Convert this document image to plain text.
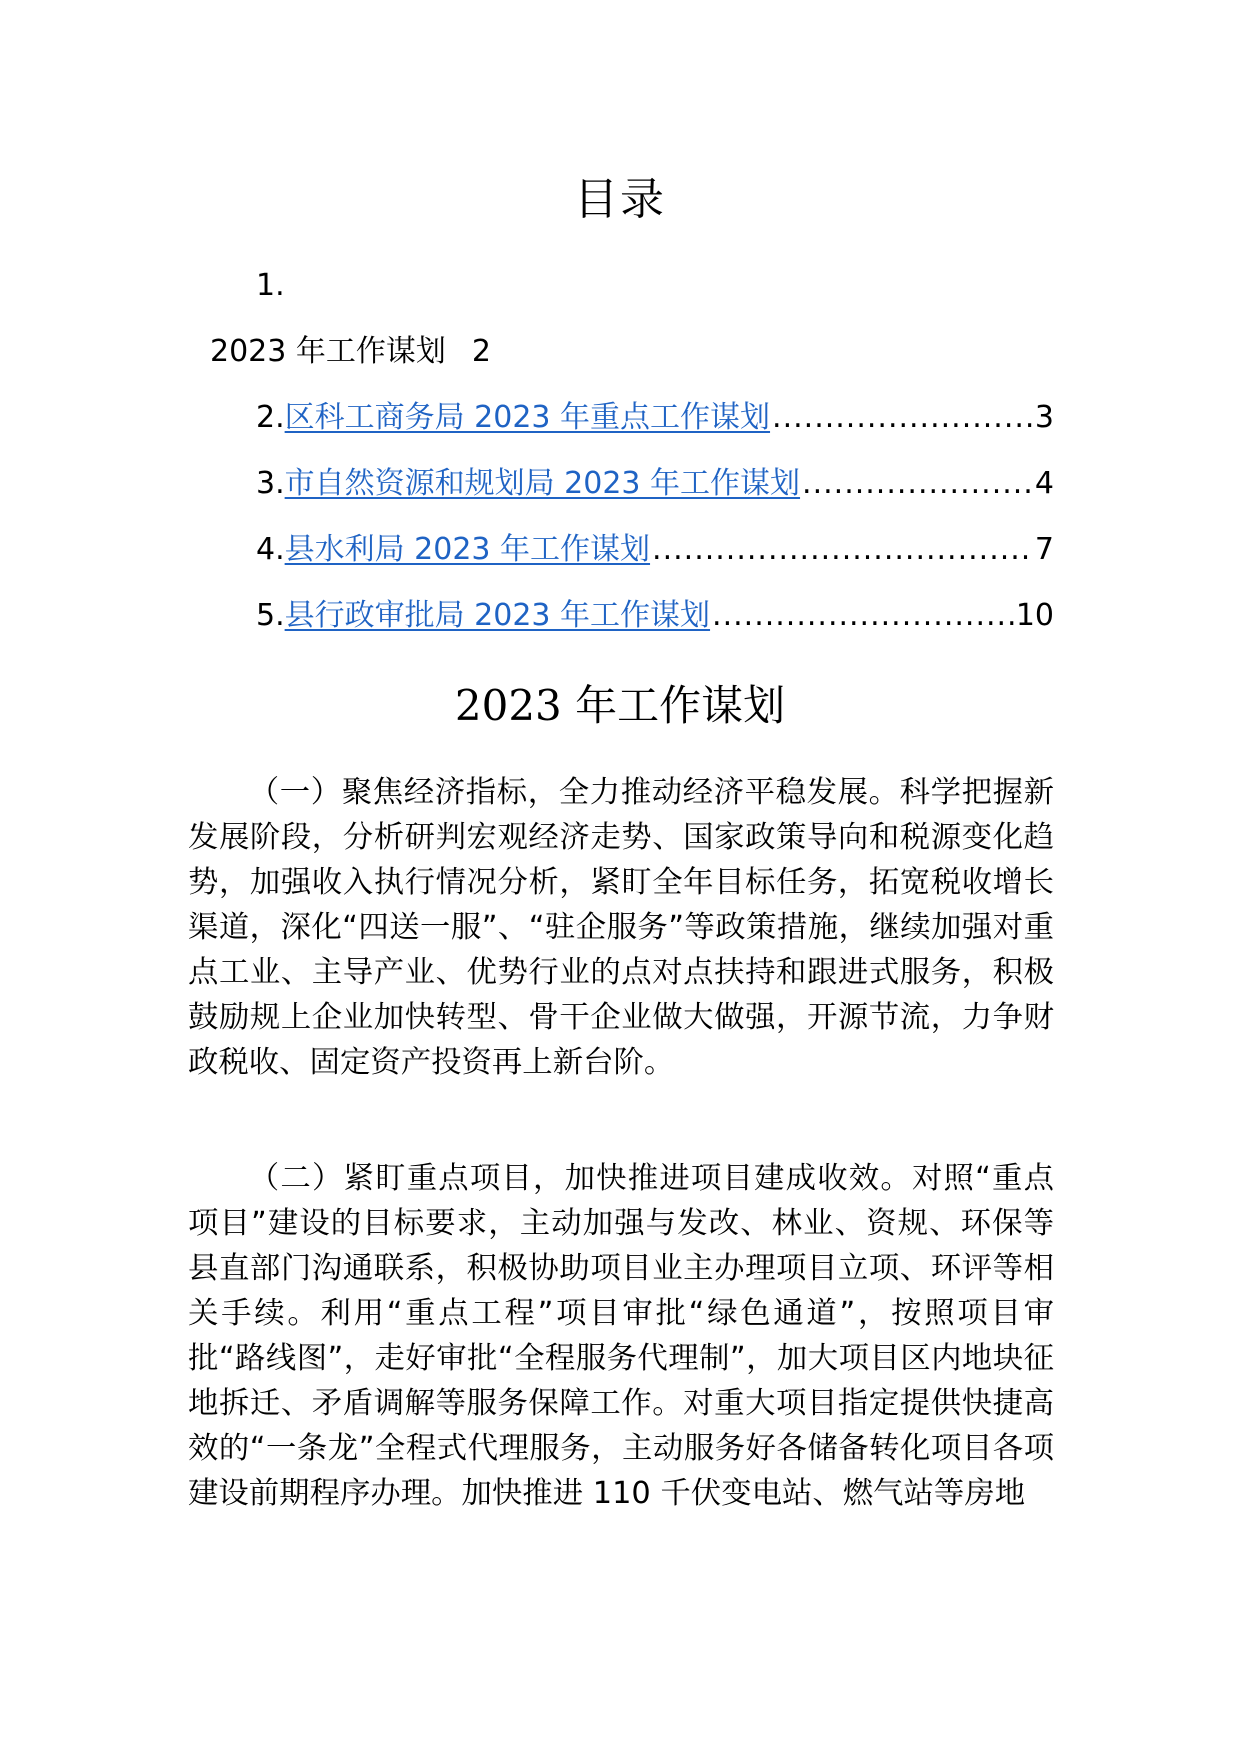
目录
1.
2023 年工作谋划 2
2. 区科工商务局 2023 年重点工作谋划 .....	3
3. 市自然资源和规划局 2023 年工作谋划 .....	4
4. 县水利局 2023 年工作谋划 .....	7
5. 县行政审批局 2023 年工作谋划 .....	10
2023 年工作谋划

（一）聚焦经济指标，全力推动经济平稳发展。科学把握新发展阶段，分析研判宏观经济走势、国家政策导向和税源变化趋势，加强收入执行情况分析，紧盯全年目标任务，拓宽税收增长渠道，深化“四送一服”、“驻企服务”等政策措施，继续加强对重点工业、主导产业、优势行业的点对点扶持和跟进式服务，积极鼓励规上企业加快转型、骨干企业做大做强，开源节流，力争财政税收、固定资产投资再上新台阶。

（二）紧盯重点项目，加快推进项目建成收效。对照“重点项目”建设的目标要求，主动加强与发改、林业、资规、环保等县直部门沟通联系，积极协助项目业主办理项目立项、环评等相关手续。利用“重点工程”项目审批“绿色通道”，按照项目审批“路线图”，走好审批“全程服务代理制”，加大项目区内地块征地拆迁、矛盾调解等服务保障工作。对重大项目指定提供快捷高效的“一条龙”全程式代理服务，主动服务好各储备转化项目各项建设前期程序办理。加快推进 110 千伏变电站、燃气站等房地
